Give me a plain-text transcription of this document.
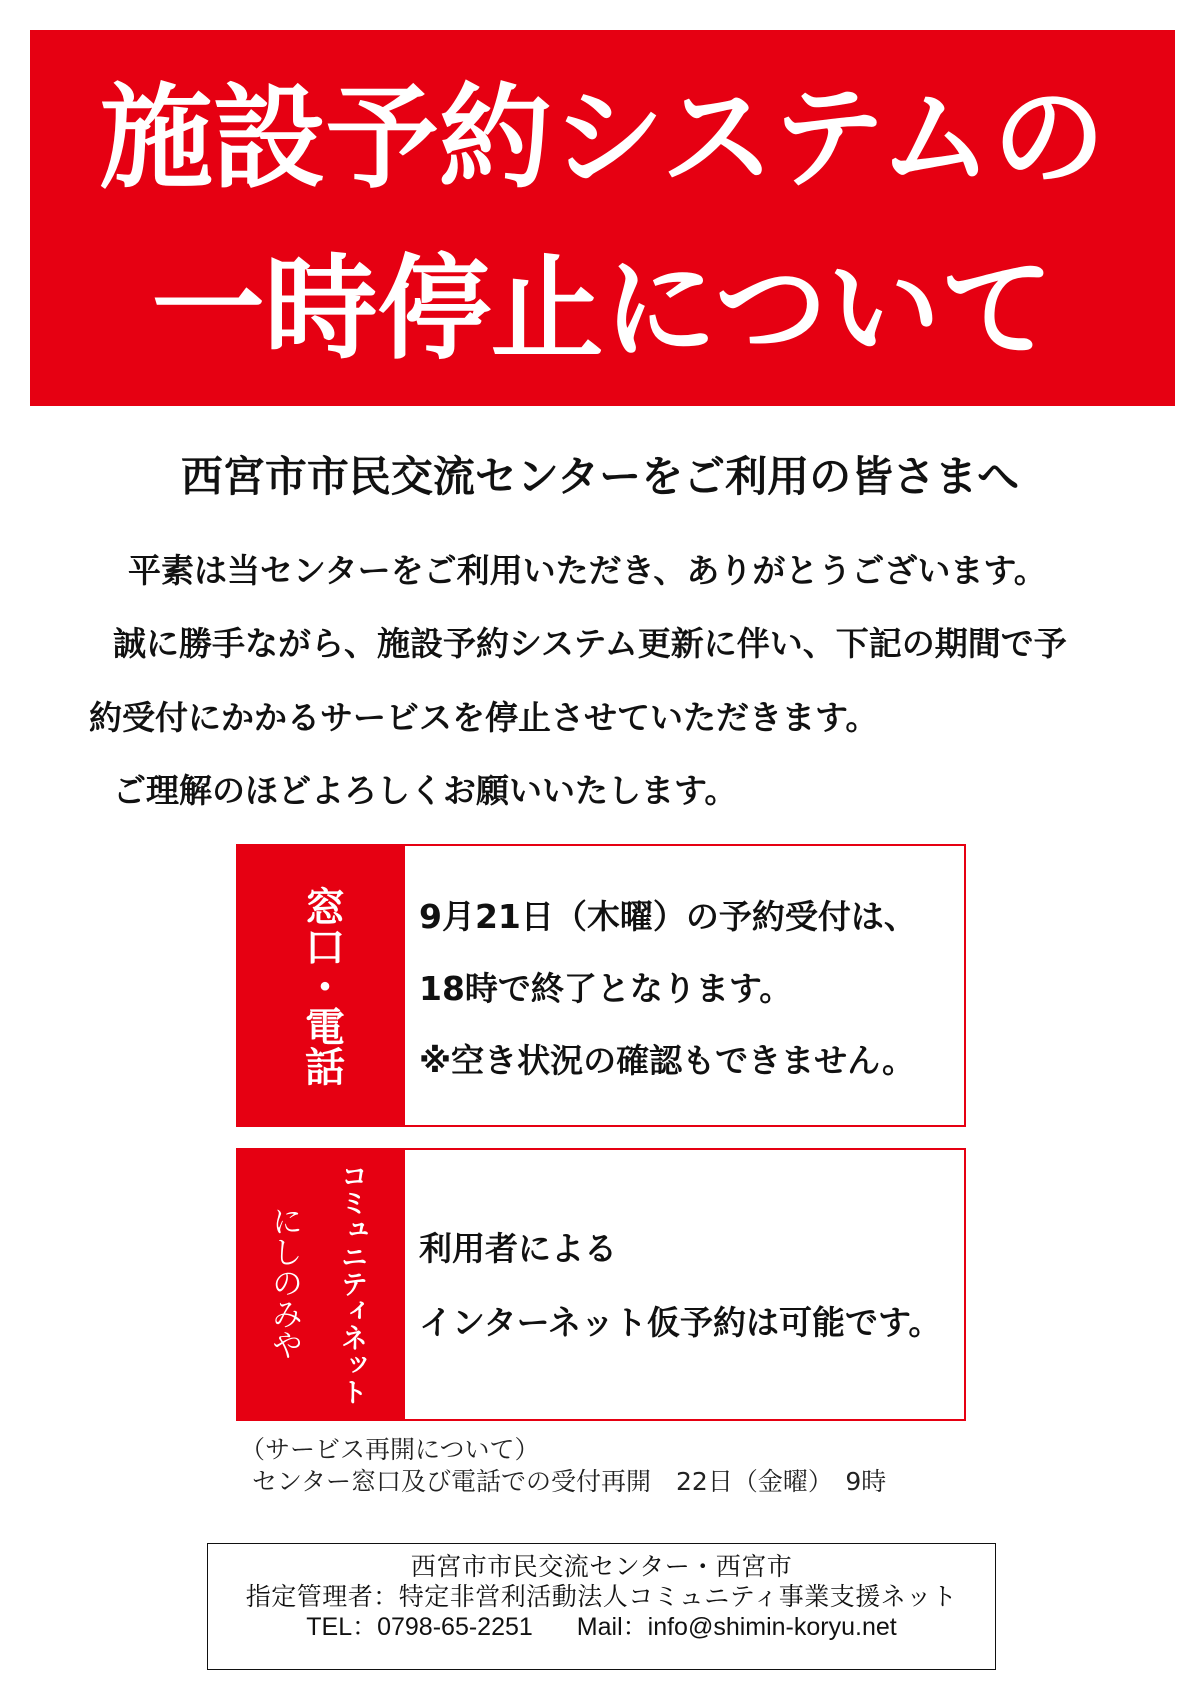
施設予約システムの
一時停止について
西宮市市民交流センターをご利用の皆さまへ

平素は当センターをご利用いただき、ありがとうございます。

誠に勝手ながら、施設予約システム更新に伴い、下記の期間で予

約受付にかかるサービスを停止させていただきます。

ご理解のほどよろしくお願いいたします。

窓口・電話 9月21日（木曜）の予約受付は、
18時で終了となります。
※空き状況の確認もできません。
コミュニティネット
にしのみや	利用者による
インターネット仮予約は可能です。
（サービス再開について）
センター窓口及び電話での受付再開　22日（金曜）　9時
西宮市市民交流センター・西宮市
指定管理者：特定非営利活動法人コミュニティ事業支援ネット
TEL：0798-65-2251 Mail：info@shimin-koryu.net
